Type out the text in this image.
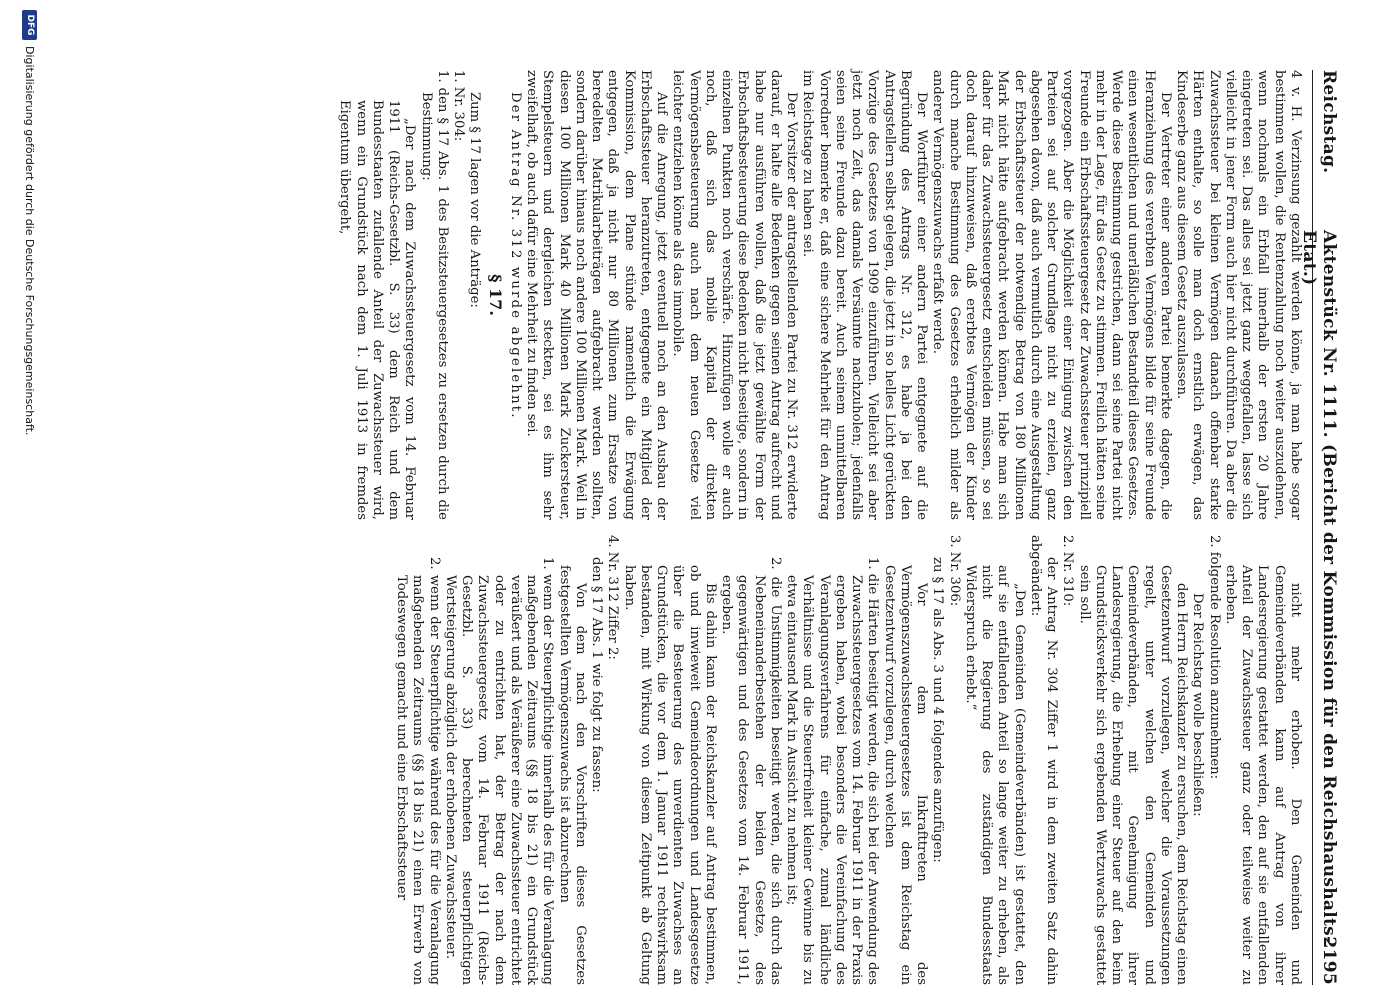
Reichstag.
Aktenstück Nr. 1111. (Bericht der Kommission für den Reichshaushalts-Etat.)
2195

4 v. H. Verzinsung gezahlt werden könne, ja man habe sogar bestimmen wollen, die Rentenzahlung noch weiter auszudehnen, wenn nochmals ein Erbfall innerhalb der ersten 20 Jahre eingetreten sei. Das alles sei jetzt ganz weggefallen, lasse sich vielleicht in jener Form auch hier nicht durchführen. Da aber die Zuwachssteuer bei kleinen Vermögen danach offenbar starke Härten enthalte, so solle man doch ernstlich erwägen, das Kindeserbe ganz aus diesem Gesetz auszulassen.

Der Vertreter einer anderen Partei bemerkte dagegen, die Heranziehung des vererbten Vermögens bilde für seine Freunde einen wesentlichen und unerläßlichen Bestandteil dieses Gesetzes. Werde diese Bestimmung gestrichen, dann sei seine Partei nicht mehr in der Lage, für das Gesetz zu stimmen. Freilich hätten seine Freunde ein Erbschaftssteuergesetz der Zuwachssteuer prinzipiell vorgezogen. Aber die Möglichkeit einer Einigung zwischen den Parteien sei auf solcher Grundlage nicht zu erzielen, ganz abgesehen davon, daß auch vermutlich durch eine Ausgestaltung der Erbschaftssteuer der notwendige Betrag von 180 Millionen Mark nicht hätte aufgebracht werden können. Habe man sich daher für das Zuwachssteuergesetz entscheiden müssen, so sei doch darauf hinzuweisen, daß ererbtes Vermögen der Kinder durch manche Bestimmung des Gesetzes erheblich milder als anderer Vermögenszuwachs erfaßt werde.

Der Wortführer einer andern Partei entgegnete auf die Begründung des Antrags Nr. 312, es habe ja bei den Antragstellern selbst gelegen, die jetzt in so helles Licht gerückten Vorzüge des Gesetzes von 1909 einzuführen. Vielleicht sei aber jetzt noch Zeit, das damals Versäumte nachzuholen; jedenfalls seien seine Freunde dazu bereit. Auch seinem unmittelbaren Vorredner bemerke er, daß eine sichere Mehrheit für den Antrag im Reichstage zu haben sei.

Der Vorsitzer der antragstellenden Partei zu Nr. 312 erwiderte darauf, er halte alle Bedenken gegen seinen Antrag aufrecht und habe nur ausführen wollen, daß die jetzt gewählte Form der Erbschaftsbesteuerung diese Bedenken nicht beseitige, sondern in einzelnen Punkten noch verschärfe. Hinzufügen wolle er auch noch, daß sich das mobile Kapital der direkten Vermögensbesteuerung auch nach dem neuen Gesetze viel leichter entziehen könne als das immobile.

Auf die Anregung, jetzt eventuell noch an den Ausbau der Erbschaftssteuer heranzutreten, entgegnete ein Mitglied der Kommission, dem Plane stünde namentlich die Erwägung entgegen, daß ja nicht nur 80 Millionen zum Ersatze von beredelten Matrikularbeiträgen aufgebracht werden sollten, sondern darüber hinaus noch andere 100 Millionen Mark. Weil in diesen 100 Millionen Mark 40 Millionen Mark Zuckersteuer, Stempelsteuern und dergleichen steckten, sei es ihm sehr zweifelhaft, ob auch dafür eine Mehrheit zu finden sei.

Der Antrag Nr. 312 wurde abgelehnt.

§ 17.

Zum § 17 lagen vor die Anträge:

1. Nr. 304:

1. den § 17 Abs. 1 des Besitzsteuergesetzes zu ersetzen durch die Bestimmung:

„Der nach dem Zuwachssteuergesetz vom 14. Februar 1911 (Reichs-Gesetzbl. S. 33) dem Reich und dem Bundesstaaten zufallende Anteil der Zuwachssteuer wird, wenn ein Grundstück nach dem 1. Juli 1913 in fremdes Eigentum übergeht,

nicht mehr erhoben. Den Gemeinden und Gemeindeverbänden kann auf Antrag von ihrer Landesregierung gestattet werden, den auf sie entfallenden Anteil der Zuwachssteuer ganz oder teilweise weiter zu erheben.

2. folgende Resolution anzunehmen:

Der Reichstag wolle beschließen:

den Herrn Reichskanzler zu ersuchen, dem Reichstag einen Gesetzentwurf vorzulegen, welcher die Voraussetzungen regelt, unter welchen den Gemeinden und Gemeindeverbänden, mit Genehmigung ihrer Landesregierung, die Erhebung einer Steuer auf den beim Grundstücksverkehr sich ergebenden Wertzuwachs gestattet sein soll.

2. Nr. 310:

der Antrag Nr. 304 Ziffer 1 wird in dem zweiten Satz dahin abgeändert:

„Den Gemeinden (Gemeindeverbänden) ist gestattet, den auf sie entfallenden Anteil so lange weiter zu erheben, als nicht die Regierung des zuständigen Bundesstaats Widerspruch erhebt.“

3. Nr. 306:

zu § 17 als Abs. 3 und 4 folgendes anzufügen:

Vor dem Inkrafttreten des Vermögenszuwachssteuergesetzes ist dem Reichstag ein Gesetzentwurf vorzulegen, durch welchen

1. die Härten beseitigt werden, die sich bei der Anwendung des Zuwachssteuergesetzes vom 14. Februar 1911 in der Praxis ergeben haben, wobei besonders die Vereinfachung des Veranlagungsverfahrens für einfache, zumal ländliche Verhältnisse und die Steuerfreiheit kleiner Gewinne bis zu etwa eintausend Mark in Aussicht zu nehmen ist;

2. die Unstimmigkeiten beseitigt werden, die sich durch das Nebeneinanderbestehen der beiden Gesetze, des gegenwärtigen und des Gesetzes vom 14. Februar 1911, ergeben.

Bis dahin kann der Reichskanzler auf Antrag bestimmen, ob und inwieweit Gemeindeordnungen und Landesgesetze über die Besteuerung des unverdienten Zuwachses an Grundstücken, die vor dem 1. Januar 1911 rechtswirksam bestanden, mit Wirkung von diesem Zeitpunkt ab Geltung haben.

4. Nr. 312 Ziffer 2:

den § 17 Abs. 1 wie folgt zu fassen:

Von dem nach den Vorschriften dieses Gesetzes festgestellten Vermögenszuwachs ist abzurechnen

1. wenn der Steuerpflichtige innerhalb des für die Veranlagung maßgebenden Zeitraums (§§ 18 bis 21) ein Grundstück veräußert und als Veräußerer eine Zuwachssteuer entrichtet oder zu entrichten hat, der Betrag der nach dem Zuwachssteuergesetz vom 14. Februar 1911 (Reichs-Gesetzbl. S. 33) berechneten steuerpflichtigen Wertsteigerung abzüglich der erhobenen Zuwachssteuer.

2. wenn der Steuerpflichtige während des für die Veranlagung maßgebenden Zeitraums (§§ 18 bis 21) einen Erwerb von Todeswegen gemacht und eine Erbschaftssteuer

DFG
Digitalisierung gefördert durch die Deutsche Forschungsgemeinschaft.
